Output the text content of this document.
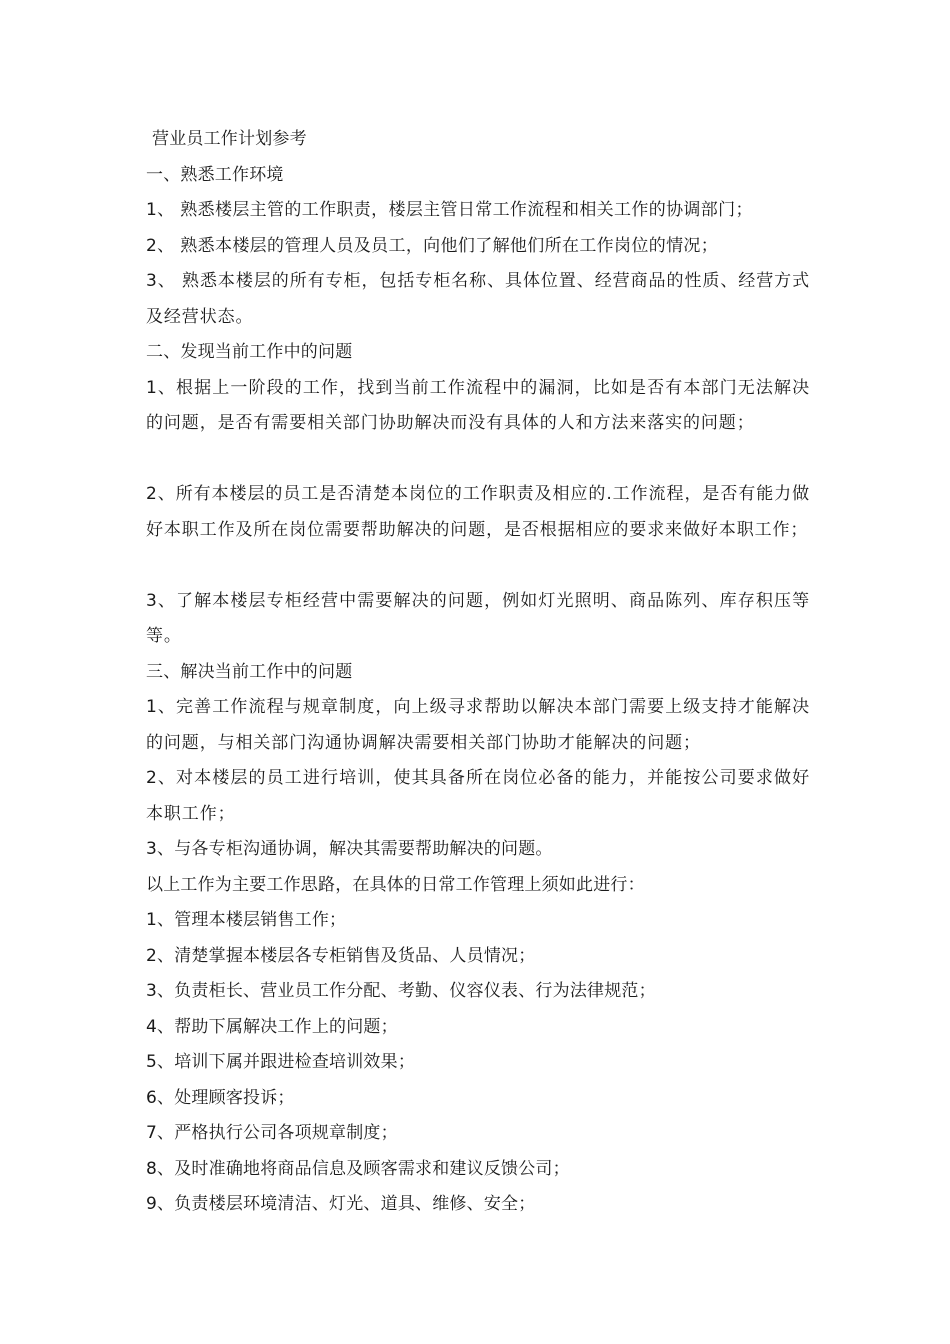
营业员工作计划参考

一、熟悉工作环境

1、 熟悉楼层主管的工作职责，楼层主管日常工作流程和相关工作的协调部门；

2、 熟悉本楼层的管理人员及员工，向他们了解他们所在工作岗位的情况；

3、 熟悉本楼层的所有专柜，包括专柜名称、具体位置、经营商品的性质、经营方式及经营状态。

二、发现当前工作中的问题

1、根据上一阶段的工作，找到当前工作流程中的漏洞，比如是否有本部门无法解决的问题，是否有需要相关部门协助解决而没有具体的人和方法来落实的问题；

2、所有本楼层的员工是否清楚本岗位的工作职责及相应的.工作流程，是否有能力做好本职工作及所在岗位需要帮助解决的问题，是否根据相应的要求来做好本职工作；

3、了解本楼层专柜经营中需要解决的问题，例如灯光照明、商品陈列、库存积压等等。

三、解决当前工作中的问题

1、完善工作流程与规章制度，向上级寻求帮助以解决本部门需要上级支持才能解决的问题，与相关部门沟通协调解决需要相关部门协助才能解决的问题；

2、对本楼层的员工进行培训，使其具备所在岗位必备的能力，并能按公司要求做好本职工作；

3、与各专柜沟通协调，解决其需要帮助解决的问题。

以上工作为主要工作思路，在具体的日常工作管理上须如此进行：

1、管理本楼层销售工作；

2、清楚掌握本楼层各专柜销售及货品、人员情况；

3、负责柜长、营业员工作分配、考勤、仪容仪表、行为法律规范；

4、帮助下属解决工作上的问题；

5、培训下属并跟进检查培训效果；

6、处理顾客投诉；

7、严格执行公司各项规章制度；

8、及时准确地将商品信息及顾客需求和建议反馈公司；

9、负责楼层环境清洁、灯光、道具、维修、安全；
